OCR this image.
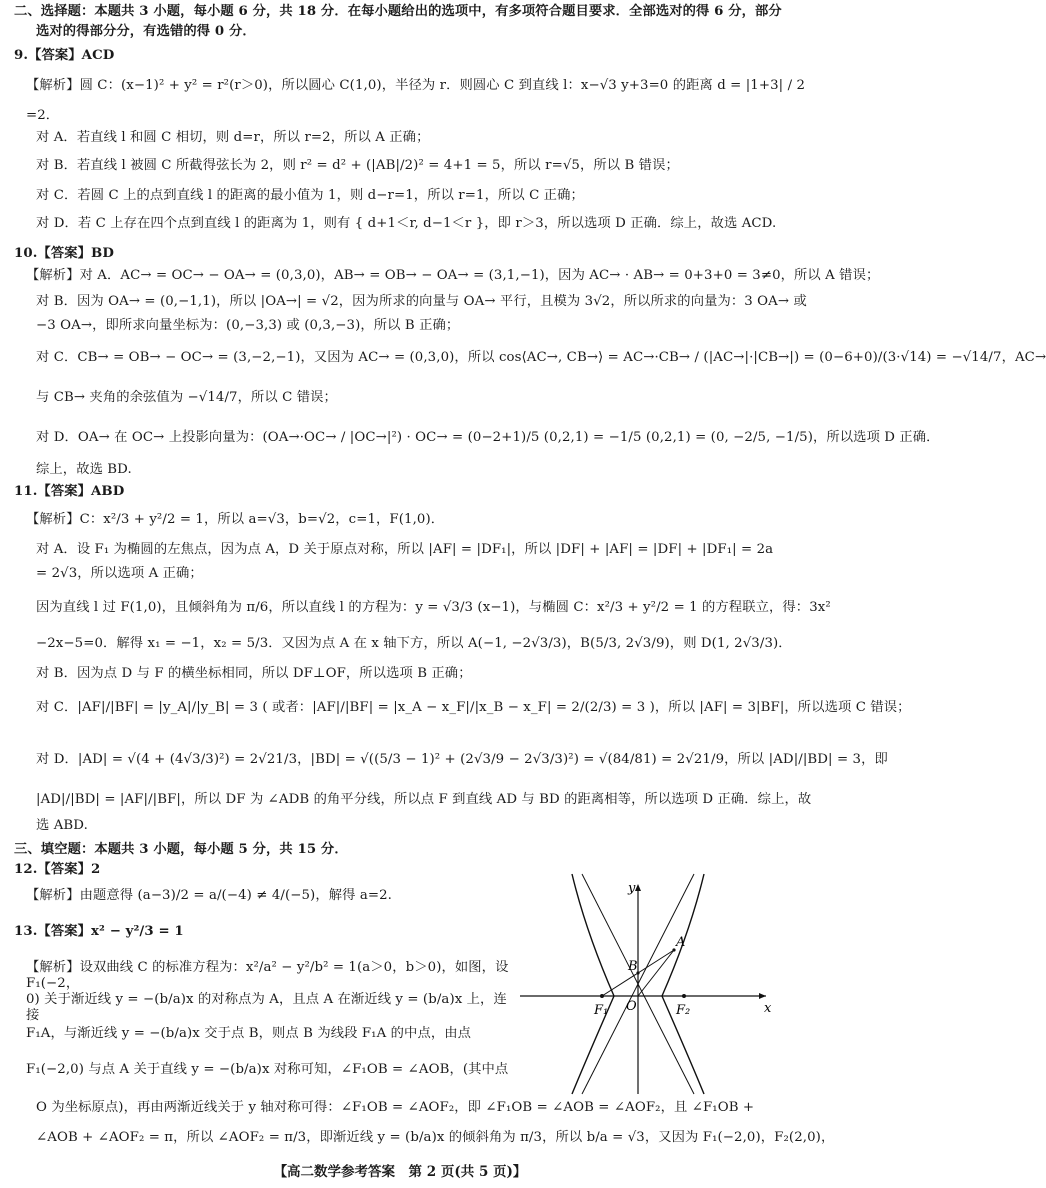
二、选择题：本题共 3 小题，每小题 6 分，共 18 分．在每小题给出的选项中，有多项符合题目要求．全部选对的得 6 分，部分
选对的得部分分，有选错的得 0 分．
9.【答案】ACD
【解析】圆 C：(x−1)² + y² = r²(r＞0)，所以圆心 C(1,0)，半径为 r．则圆心 C 到直线 l：x−√3 y+3=0 的距离 d = |1+3| / 2
=2．
对 A．若直线 l 和圆 C 相切，则 d=r，所以 r=2，所以 A 正确；
对 B．若直线 l 被圆 C 所截得弦长为 2，则 r² = d² + (|AB|/2)² = 4+1 = 5，所以 r=√5，所以 B 错误；
对 C．若圆 C 上的点到直线 l 的距离的最小值为 1，则 d−r=1，所以 r=1，所以 C 正确；
对 D．若 C 上存在四个点到直线 l 的距离为 1，则有 { d+1＜r, d−1＜r }，即 r＞3，所以选项 D 正确．综上，故选 ACD.
10.【答案】BD
【解析】对 A．AC→ = OC→ − OA→ = (0,3,0)，AB→ = OB→ − OA→ = (3,1,−1)，因为 AC→ · AB→ = 0+3+0 = 3≠0，所以 A 错误；
对 B．因为 OA→ = (0,−1,1)，所以 |OA→| = √2，因为所求的向量与 OA→ 平行，且模为 3√2，所以所求的向量为：3 OA→ 或
−3 OA→，即所求向量坐标为：(0,−3,3) 或 (0,3,−3)，所以 B 正确；
对 C．CB→ = OB→ − OC→ = (3,−2,−1)，又因为 AC→ = (0,3,0)，所以 cos⟨AC→, CB→⟩ = AC→·CB→ / (|AC→|·|CB→|) = (0−6+0)/(3·√14) = −√14/7，AC→
与 CB→ 夹角的余弦值为 −√14/7，所以 C 错误；
对 D．OA→ 在 OC→ 上投影向量为：(OA→·OC→ / |OC→|²) · OC→ = (0−2+1)/5 (0,2,1) = −1/5 (0,2,1) = (0, −2/5, −1/5)，所以选项 D 正确．
综上，故选 BD.
11.【答案】ABD
【解析】C：x²/3 + y²/2 = 1，所以 a=√3，b=√2，c=1，F(1,0)．
对 A．设 F₁ 为椭圆的左焦点，因为点 A，D 关于原点对称，所以 |AF| = |DF₁|，所以 |DF| + |AF| = |DF| + |DF₁| = 2a
= 2√3，所以选项 A 正确；
因为直线 l 过 F(1,0)，且倾斜角为 π/6，所以直线 l 的方程为：y = √3/3 (x−1)，与椭圆 C：x²/3 + y²/2 = 1 的方程联立，得：3x²
−2x−5=0．解得 x₁ = −1，x₂ = 5/3．又因为点 A 在 x 轴下方，所以 A(−1, −2√3/3)，B(5/3, 2√3/9)，则 D(1, 2√3/3)．
对 B．因为点 D 与 F 的横坐标相同，所以 DF⊥OF，所以选项 B 正确；
对 C．|AF|/|BF| = |y_A|/|y_B| = 3 ( 或者：|AF|/|BF| = |x_A − x_F|/|x_B − x_F| = 2/(2/3) = 3 )，所以 |AF| = 3|BF|，所以选项 C 错误；
对 D．|AD| = √(4 + (4√3/3)²) = 2√21/3，|BD| = √((5/3 − 1)² + (2√3/9 − 2√3/3)²) = √(84/81) = 2√21/9，所以 |AD|/|BD| = 3，即
|AD|/|BD| = |AF|/|BF|，所以 DF 为 ∠ADB 的角平分线，所以点 F 到直线 AD 与 BD 的距离相等，所以选项 D 正确．综上，故
选 ABD.
三、填空题：本题共 3 小题，每小题 5 分，共 15 分．
12.【答案】2
【解析】由题意得 (a−3)/2 = a/(−4) ≠ 4/(−5)，解得 a=2.
13.【答案】x² − y²/3 = 1
【解析】设双曲线 C 的标准方程为：x²/a² − y²/b² = 1(a＞0，b＞0)，如图，设 F₁(−2，
0) 关于渐近线 y = −(b/a)x 的对称点为 A，且点 A 在渐近线 y = (b/a)x 上，连接
F₁A，与渐近线 y = −(b/a)x 交于点 B，则点 B 为线段 F₁A 的中点，由点
F₁(−2,0) 与点 A 关于直线 y = −(b/a)x 对称可知，∠F₁OB = ∠AOB，(其中点
O 为坐标原点)，再由两渐近线关于 y 轴对称可得：∠F₁OB = ∠AOF₂，即 ∠F₁OB = ∠AOB = ∠AOF₂，且 ∠F₁OB +
∠AOB + ∠AOF₂ = π，所以 ∠AOF₂ = π/3，即渐近线 y = (b/a)x 的倾斜角为 π/3，所以 b/a = √3，又因为 F₁(−2,0)，F₂(2,0)，
y
x
A
B
O
F₁	F₂
【高二数学参考答案　第 2 页(共 5 页)】
